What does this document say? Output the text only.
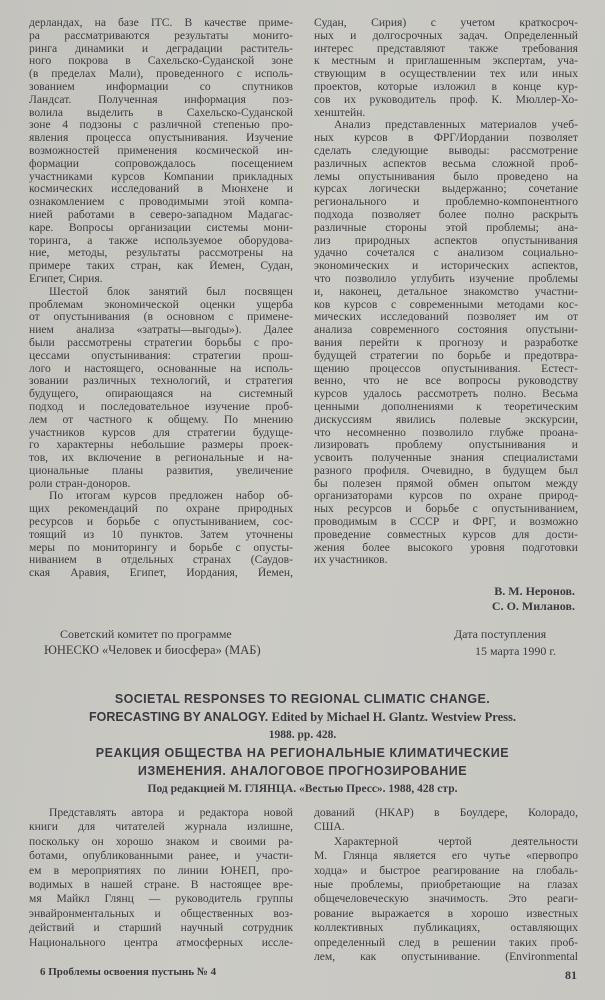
дерландах, на базе ITC. В качестве приме-
ра рассматриваются результаты монито-
ринга динамики и деградации раститель-
ного покрова в Сахельско-Суданской зоне
(в пределах Мали), проведенного с исполь-
зованием информации со спутников
Ландсат. Полученная информация поз-
волила выделить в Сахельско-Суданской
зоне 4 подзоны с различной степенью про-
явления процесса опустынивания. Изучение
возможностей применения космической ин-
формации сопровождалось посещением
участниками курсов Компании прикладных
космических исследований в Мюнхене и
ознакомлением с проводимыми этой компа-
нией работами в северо-западном Мадагас-
каре. Вопросы организации системы мони-
торинга, а также используемое оборудова-
ние, методы, результаты рассмотрены на
примере таких стран, как Йемен, Судан,
Египет, Сирия.
Шестой блок занятий был посвящен
проблемам экономической оценки ущерба
от опустынивания (в основном с примене-
нием анализа «затраты—выгоды»). Далее
были рассмотрены стратегии борьбы с про-
цессами опустынивания: стратегии прош-
лого и настоящего, основанные на исполь-
зовании различных технологий, и стратегия
будущего, опирающаяся на системный
подход и последовательное изучение проб-
лем от частного к общему. По мнению
участников курсов для стратегии будуще-
го характерны небольшие размеры проек-
тов, их включение в региональные и на-
циональные планы развития, увеличение
роли стран-доноров.
По итогам курсов предложен набор об-
щих рекомендаций по охране природных
ресурсов и борьбе с опустыниванием, сос-
тоящий из 10 пунктов. Затем уточнены
меры по мониторингу и борьбе с опусты-
ниванием в отдельных странах (Саудов-
ская Аравия, Египет, Иордания, Йемен,
Судан, Сирия) с учетом краткосроч-
ных и долгосрочных задач. Определенный
интерес представляют также требования
к местным и приглашенным экспертам, уча-
ствующим в осуществлении тех или иных
проектов, которые изложил в конце кур-
сов их руководитель проф. К. Мюллер-Хо-
хенштейн.
Анализ представленных материалов учеб-
ных курсов в ФРГ/Иордании позволяет
сделать следующие выводы: рассмотрение
различных аспектов весьма сложной проб-
лемы опустынивания было проведено на
курсах логически выдержанно; сочетание
регионального и проблемно-компонентного
подхода позволяет более полно раскрыть
различные стороны этой проблемы; ана-
лиз природных аспектов опустынивания
удачно сочетался с анализом социально-
экономических и исторических аспектов,
что позволило углубить изучение проблемы
и, наконец, детальное знакомство участни-
ков курсов с современными методами кос-
мических исследований позволяет им от
анализа современного состояния опустыни-
вания перейти к прогнозу и разработке
будущей стратегии по борьбе и предотвра-
щению процессов опустынивания. Естест-
венно, что не все вопросы руководству
курсов удалось рассмотреть полно. Весьма
ценными дополнениями к теоретическим
дискуссиям явились полевые экскурсии,
что несомненно позволило глубже проана-
лизировать проблему опустынивания и
усвоить полученные знания специалистами
разного профиля. Очевидно, в будущем был
бы полезен прямой обмен опытом между
организаторами курсов по охране природ-
ных ресурсов и борьбе с опустыниванием,
проводимым в СССР и ФРГ, и возможно
проведение совместных курсов для дости-
жения более высокого уровня подготовки
их участников.
В. М. Неронов.
С. О. Миланов.
Советский комитет по программе
ЮНЕСКО «Человек и биосфера» (МАБ)
Дата поступления
15 марта 1990 г.
SOCIETAL RESPONSES TO REGIONAL CLIMATIC CHANGE.
FORECASTING BY ANALOGY. Edited by Michael H. Glantz. Westview Press.
1988. pp. 428.
РЕАКЦИЯ ОБЩЕСТВА НА РЕГИОНАЛЬНЫЕ КЛИМАТИЧЕСКИЕ
ИЗМЕНЕНИЯ. АНАЛОГОВОЕ ПРОГНОЗИРОВАНИЕ
Под редакцией М. ГЛЯНЦА. «Вестью Пресс». 1988, 428 стр.
Представлять автора и редактора новой
книги для читателей журнала излишне,
поскольку он хорошо знаком и своими ра-
ботами, опубликованными ранее, и участи-
ем в мероприятиях по линии ЮНЕП, про-
водимых в нашей стране. В настоящее вре-
мя Майкл Глянц — руководитель группы
энвайронментальных и общественных воз-
действий и старший научный сотрудник
Национального центра атмосферных иссле-
дований (НКАР) в Боулдере, Колорадо,
США.
Характерной чертой деятельности
М. Глянца является его чутье «первопро
ходца» и быстрое реагирование на глобаль-
ные проблемы, приобретающие на глазах
общечеловеческую значимость. Это реаги-
рование выражается в хорошо известных
коллективных публикациях, оставляющих
определенный след в решении таких проб-
лем, как опустынивание. (Environmental
6 Проблемы освоения пустынь № 4	81
